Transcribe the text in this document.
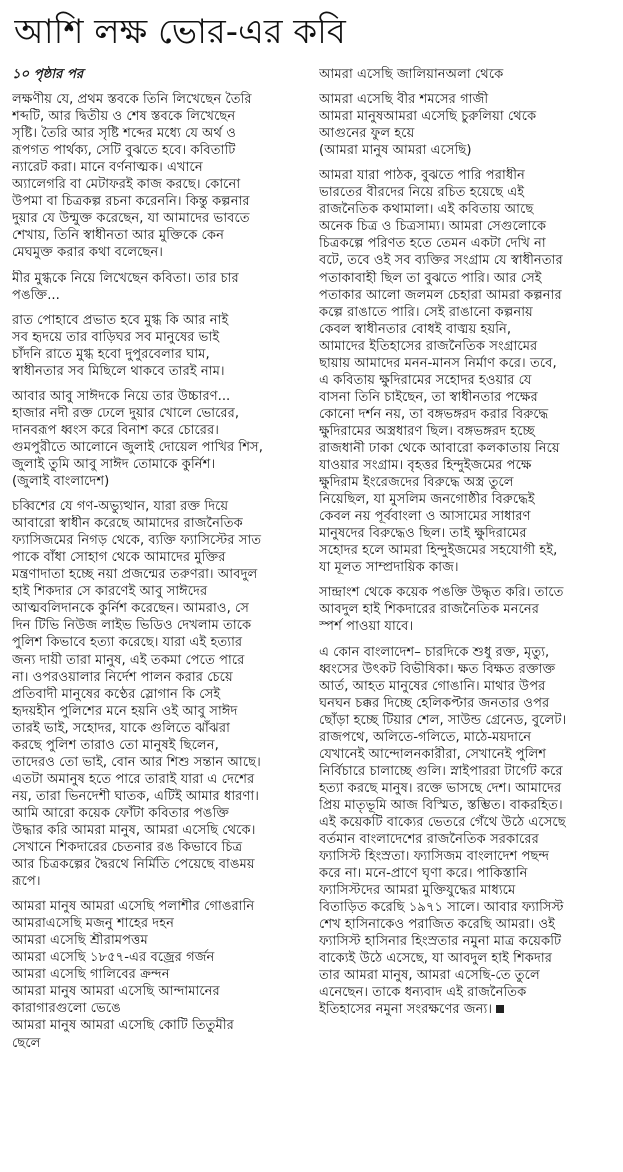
আশি লক্ষ ভোর-এর কবি
১০ পৃষ্ঠার পর
লক্ষণীয় যে, প্রথম স্তবকে তিনি লিখেছেন তৈরি
শব্দটি, আর দ্বিতীয় ও শেষ স্তবকে লিখেছেন
সৃষ্টি। তৈরি আর সৃষ্টি শব্দের মধ্যে যে অর্থ ও
রূপগত পার্থক্য, সেটি বুঝতে হবে। কবিতাটি
ন্যারেট করা। মানে বর্ণনাত্মক। এখানে
অ্যালেগরি বা মেটাফরই কাজ করছে। কোনো
উপমা বা চিত্রকল্প রচনা করেননি। কিন্তু কল্পনার
দুয়ার যে উন্মুক্ত করেছেন, যা আমাদের ভাবতে
শেখায়, তিনি স্বাধীনতা আর মুক্তিকে কেন
মেঘমুক্ত করার কথা বলেছেন।
মীর মুগ্ধকে নিয়ে লিখেছেন কবিতা। তার চার
পঙক্তি...
রাত পোহাবে প্রভাত হবে মুগ্ধ কি আর নাই
সব হৃদয়ে তার বাড়িঘর সব মানুষের ভাই
চাঁদনি রাতে মুগ্ধ হবো দুপুরবেলার ঘাম,
স্বাধীনতার সব মিছিলে থাকবে তারই নাম।
আবার আবু সাঈদকে নিয়ে তার উচ্চারণ...
হাজার নদী রক্ত ঢেলে দুয়ার খোলে ভোরের,
দানবরূপ ধ্বংস করে বিনাশ করে চোরের।
গুমপুরীতে আলোনে জুলাই দোয়েল পাখির শিস,
জুলাই তুমি আবু সাঈদ তোমাকে কুর্নিশ।
(জুলাই বাংলাদেশ)
চব্বিশের যে গণ-অভ্যুত্থান, যারা রক্ত দিয়ে
আবারো স্বাধীন করেছে আমাদের রাজনৈতিক
ফ্যাসিজমের নিগড় থেকে, ব্যক্তি ফ্যাসিস্টের সাত
পাকে বাঁধা সোহাগ থেকে আমাদের মুক্তির
মন্ত্রণাদাতা হচ্ছে নয়া প্রজন্মের তরুণরা। আবদুল
হাই শিকদার সে কারণেই আবু সাঈদের
আত্মবলিদানকে কুর্নিশ করেছেন। আমরাও, সে
দিন টিভি নিউজ লাইভ ভিডিও দেখলাম তাকে
পুলিশ কিভাবে হত্যা করেছে। যারা এই হত্যার
জন্য দায়ী তারা মানুষ, এই তকমা পেতে পারে
না। ওপরওয়ালার নির্দেশ পালন করার চেয়ে
প্রতিবাদী মানুষের কণ্ঠের স্লোগান কি সেই
হৃদয়হীন পুলিশের মনে হয়নি ওই আবু সাঈদ
তারই ভাই, সহোদর, যাকে গুলিতে ঝাঁঝরা
করছে পুলিশ তারাও তো মানুষই ছিলেন,
তাদেরও তো ভাই, বোন আর শিশু সন্তান আছে।
এতটা অমানুষ হতে পারে তারাই যারা এ দেশের
নয়, তারা ভিনদেশী ঘাতক, এটিই আমার ধারণা।
আমি আরো কয়েক ফোঁটা কবিতার পঙক্তি
উদ্ধার করি আমরা মানুষ, আমরা এসেছি থেকে।
সেখানে শিকদারের চেতনার রঙ কিভাবে চিত্র
আর চিত্রকল্পের দ্বৈরথে নির্মিতি পেয়েছে বাঙময়
রূপে।
আমরা মানুষ আমরা এসেছি পলাশীর গোঙরানি
আমরাএসেছি মজনু শাহের দহন
আমরা এসেছি শ্রীরামপত্তম
আমরা এসেছি ১৮৫৭-এর বজ্রের গর্জন
আমরা এসেছি গালিবের ক্রন্দন
আমরা মানুষ আমরা এসেছি আন্দামানের
কারাগারগুলো ভেঙে
আমরা মানুষ আমরা এসেছি কোটি তিতুমীর
ছেলে
আমরা এসেছি জালিয়ানঅলা থেকে
আমরা এসেছি বীর শমসের গাজী
আমরা মানুষআমরা এসেছি চুরুলিয়া থেকে
আগুনের ফুল হয়ে
(আমরা মানুষ আমরা এসেছি)
আমরা যারা পাঠক, বুঝতে পারি পরাধীন
ভারতের বীরদের নিয়ে রচিত হয়েছে এই
রাজনৈতিক কথামালা। এই কবিতায় আছে
অনেক চিত্র ও চিত্রসাম্য। আমরা সেগুলোকে
চিত্রকল্পে পরিণত হতে তেমন একটা দেখি না
বটে, তবে ওই সব ব্যক্তির সংগ্রাম যে স্বাধীনতার
পতাকাবাহী ছিল তা বুঝতে পারি। আর সেই
পতাকার আলো জলমল চেহারা আমরা কল্পনার
কল্পে রাঙাতে পারি। সেই রাঙানো কল্পনায়
কেবল স্বাধীনতার বোধই বাঙ্ময় হয়নি,
আমাদের ইতিহাসের রাজনৈতিক সংগ্রামের
ছায়ায় আমাদের মনন-মানস নির্মাণ করে। তবে,
এ কবিতায় ক্ষুদিরামের সহোদর হওয়ার যে
বাসনা তিনি চাইছেন, তা স্বাধীনতার পক্ষের
কোনো দর্শন নয়, তা বঙ্গভঙ্গরদ করার বিরুদ্ধে
ক্ষুদিরামের অস্ত্রধারণ ছিল। বঙ্গভঙ্গরদ হচ্ছে
রাজধানী ঢাকা থেকে আবারো কলকাতায় নিয়ে
যাওয়ার সংগ্রাম। বৃহত্তর হিন্দুইজমের পক্ষে
ক্ষুদিরাম ইংরেজদের বিরুদ্ধে অস্ত্র তুলে
নিয়েছিল, যা মুসলিম জনগোষ্ঠীর বিরুদ্ধেই
কেবল নয় পূর্ববাংলা ও আসামের সাধারণ
মানুষদের বিরুদ্ধেও ছিল। তাই ক্ষুদিরামের
সহোদর হলে আমরা হিন্দুইজমের সহযোগী হই,
যা মূলত সাম্প্রদায়িক কাজ।
সান্দ্রাংশ থেকে কয়েক পঙক্তি উদ্ধৃত করি। তাতে
আবদুল হাই শিকদারের রাজনৈতিক মননের
স্পর্শ পাওয়া যাবে।
এ কোন বাংলাদেশ– চারদিকে শুধু রক্ত, মৃত্যু,
ধ্বংসের উৎকট বিভীষিকা। ক্ষত বিক্ষত রক্তাক্ত
আর্ত, আহত মানুষের গোঙানি। মাথার উপর
ঘনঘন চক্কর দিচ্ছে হেলিকপ্টার জনতার ওপর
ছোঁড়া হচ্ছে টিয়ার শেল, সাউন্ড গ্রেনেড, বুলেট।
রাজপথে, অলিতে-গলিতে, মাঠে-ময়দানে
যেখানেই আন্দোলনকারীরা, সেখানেই পুলিশ
নির্বিচারে চালাচ্ছে গুলি। স্নাইপাররা টার্গেট করে
হত্যা করছে মানুষ। রক্তে ভাসছে দেশ। আমাদের
প্রিয় মাতৃভূমি আজ বিস্মিত, স্তম্ভিত। বাকরহিত।
এই কয়েকটি বাক্যের ভেতরে গেঁথে উঠে এসেছে
বর্তমান বাংলাদেশের রাজনৈতিক সরকারের
ফ্যাসিস্ট হিংস্রতা। ফ্যাসিজম বাংলাদেশ পছন্দ
করে না। মনে-প্রাণে ঘৃণা করে। পাকিস্তানি
ফ্যাসিস্টদের আমরা মুক্তিযুদ্ধের মাধ্যমে
বিতাড়িত করেছি ১৯৭১ সালে। আবার ফ্যাসিস্ট
শেখ হাসিনাকেও পরাজিত করেছি আমরা। ওই
ফ্যাসিস্ট হাসিনার হিংস্রতার নমুনা মাত্র কয়েকটি
বাক্যেই উঠে এসেছে, যা আবদুল হাই শিকদার
তার আমরা মানুষ, আমরা এসেছি-তে তুলে
এনেছেন। তাকে ধন্যবাদ এই রাজনৈতিক
ইতিহাসের নমুনা সংরক্ষণের জন্য।
